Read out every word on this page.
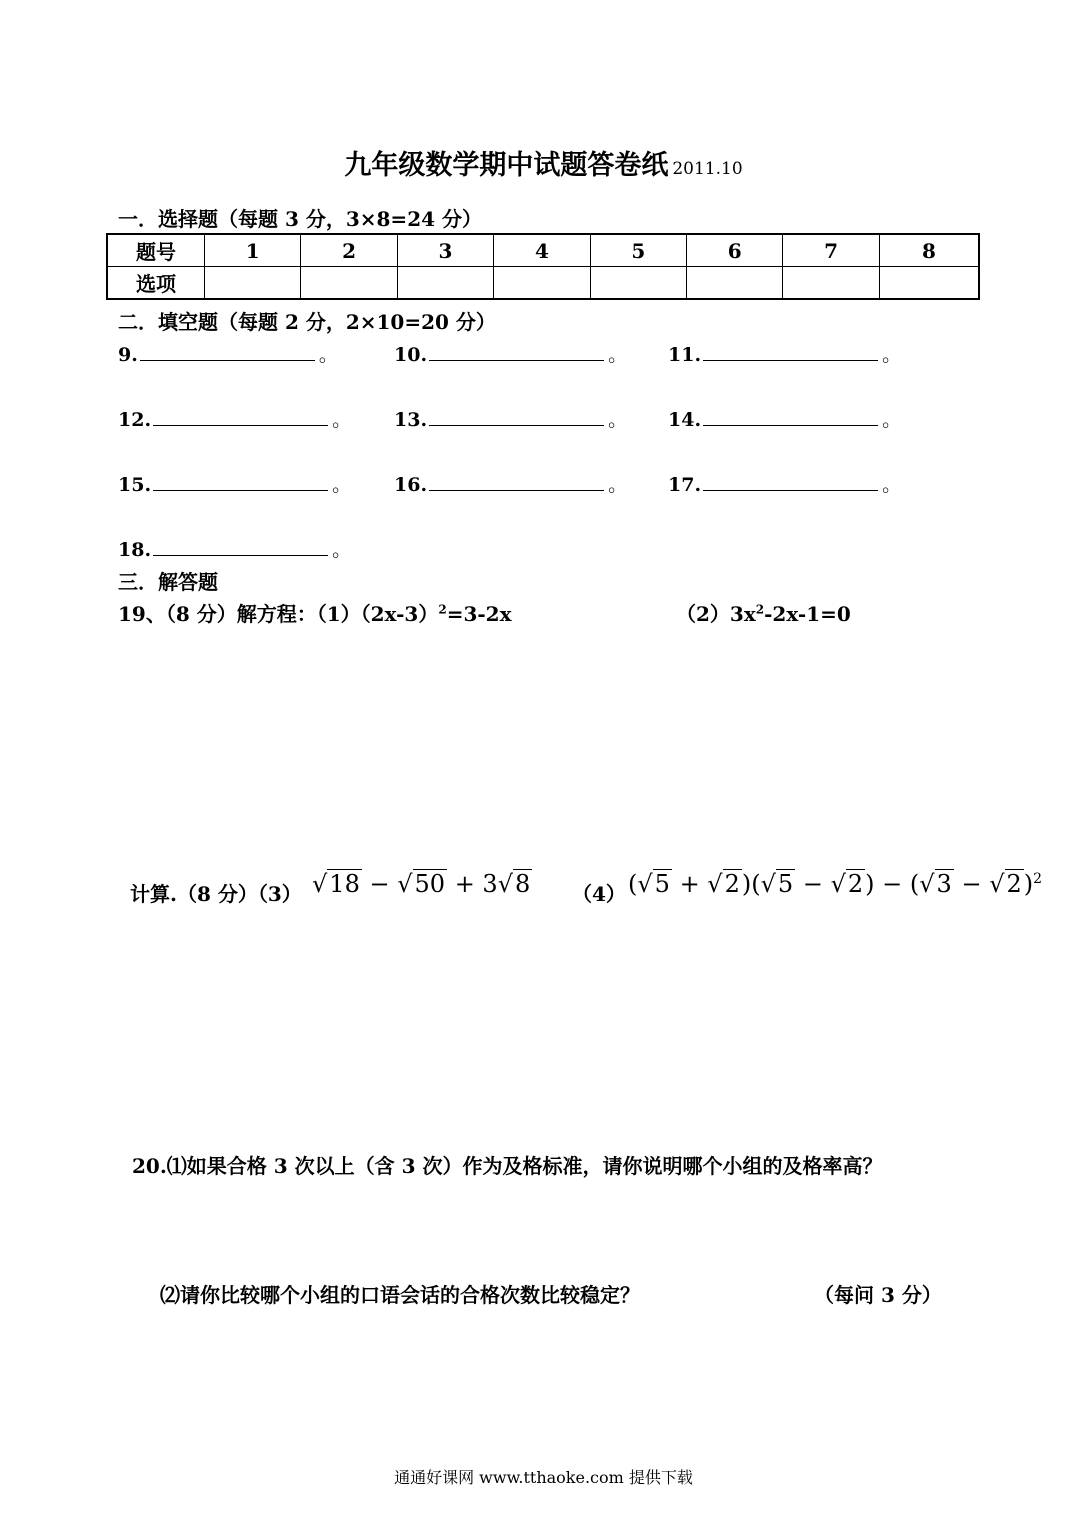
九年级数学期中试题答卷纸 2011.10
一．选择题（每题 3 分，3×8=24 分）
题号	1	2	3	4	5	6	7	8
选项								
二．填空题（每题 2 分，2×10=20 分）
9.	。	10.	。 11.	。
12.	。 13.	。 14.	。
15.	。 16.	。 17.	。
18.	。
三．解答题
19、（8 分）解方程：$(1)(2x-3)^2=3-2x$	$(2)3x^2-2x-1=0$
计算.（8 分）（3） √18 − √50 + 3√8 （4） $(√5 + √2)(√5 - √2) - (√3 - √2)^2$
20.⑴如果合格 3 次以上（含 3 次）作为及格标准，请你说明哪个小组的及格率高？
⑵请你比较哪个小组的口语会话的合格次数比较稳定？	（每问 3 分）
通通好课网 www.tthaoke.com 提供下载
